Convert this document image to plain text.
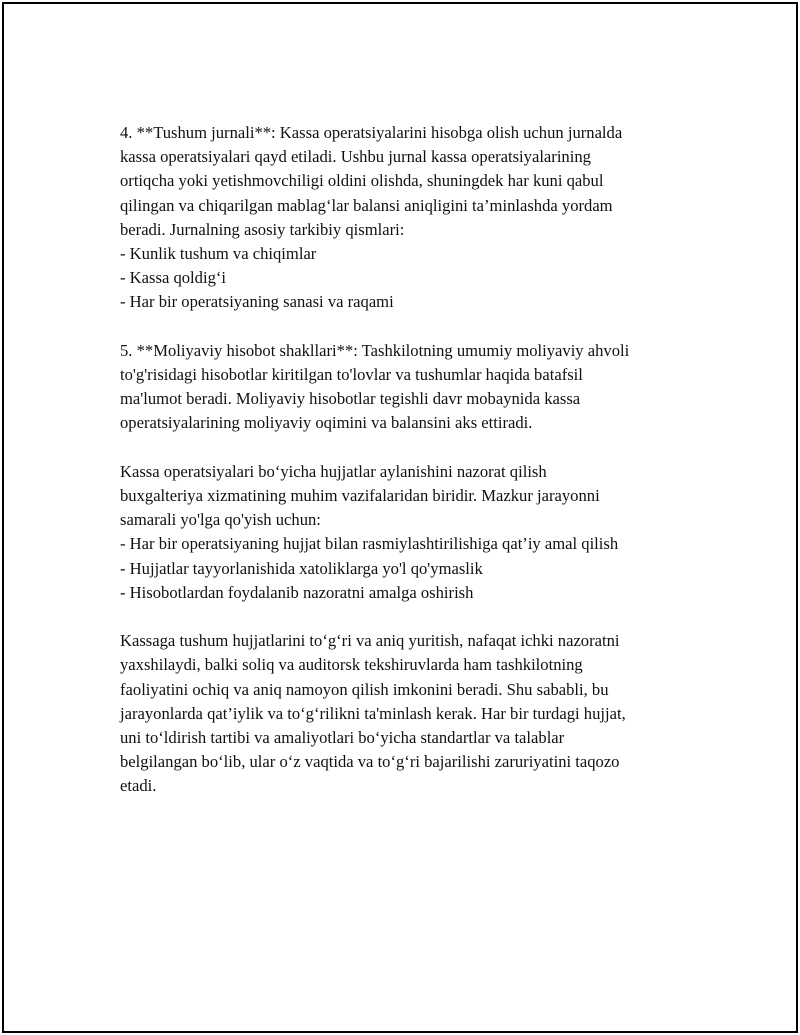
4. **Tushum jurnali**: Kassa operatsiyalarini hisobga olish uchun jurnalda
kassa operatsiyalari qayd etiladi. Ushbu jurnal kassa operatsiyalarining
ortiqcha yoki yetishmovchiligi oldini olishda, shuningdek har kuni qabul
qilingan va chiqarilgan mablag‘lar balansi aniqligini ta’minlashda yordam
beradi. Jurnalning asosiy tarkibiy qismlari:
- Kunlik tushum va chiqimlar
- Kassa qoldig‘i
- Har bir operatsiyaning sanasi va raqami
5. **Moliyaviy hisobot shakllari**: Tashkilotning umumiy moliyaviy ahvoli
to'g'risidagi hisobotlar kiritilgan to'lovlar va tushumlar haqida batafsil
ma'lumot beradi. Moliyaviy hisobotlar tegishli davr mobaynida kassa
operatsiyalarining moliyaviy oqimini va balansini aks ettiradi.
Kassa operatsiyalari bo‘yicha hujjatlar aylanishini nazorat qilish
buxgalteriya xizmatining muhim vazifalaridan biridir. Mazkur jarayonni
samarali yo'lga qo'yish uchun:
- Har bir operatsiyaning hujjat bilan rasmiylashtirilishiga qat’iy amal qilish
- Hujjatlar tayyorlanishida xatoliklarga yo'l qo'ymaslik
- Hisobotlardan foydalanib nazoratni amalga oshirish
Kassaga tushum hujjatlarini to‘g‘ri va aniq yuritish, nafaqat ichki nazoratni
yaxshilaydi, balki soliq va auditorsk tekshiruvlarda ham tashkilotning
faoliyatini ochiq va aniq namoyon qilish imkonini beradi. Shu sababli, bu
jarayonlarda qat’iylik va to‘g‘rilikni ta'minlash kerak. Har bir turdagi hujjat,
uni to‘ldirish tartibi va amaliyotlari bo‘yicha standartlar va talablar
belgilangan bo‘lib, ular o‘z vaqtida va to‘g‘ri bajarilishi zaruriyatini taqozo
etadi.
